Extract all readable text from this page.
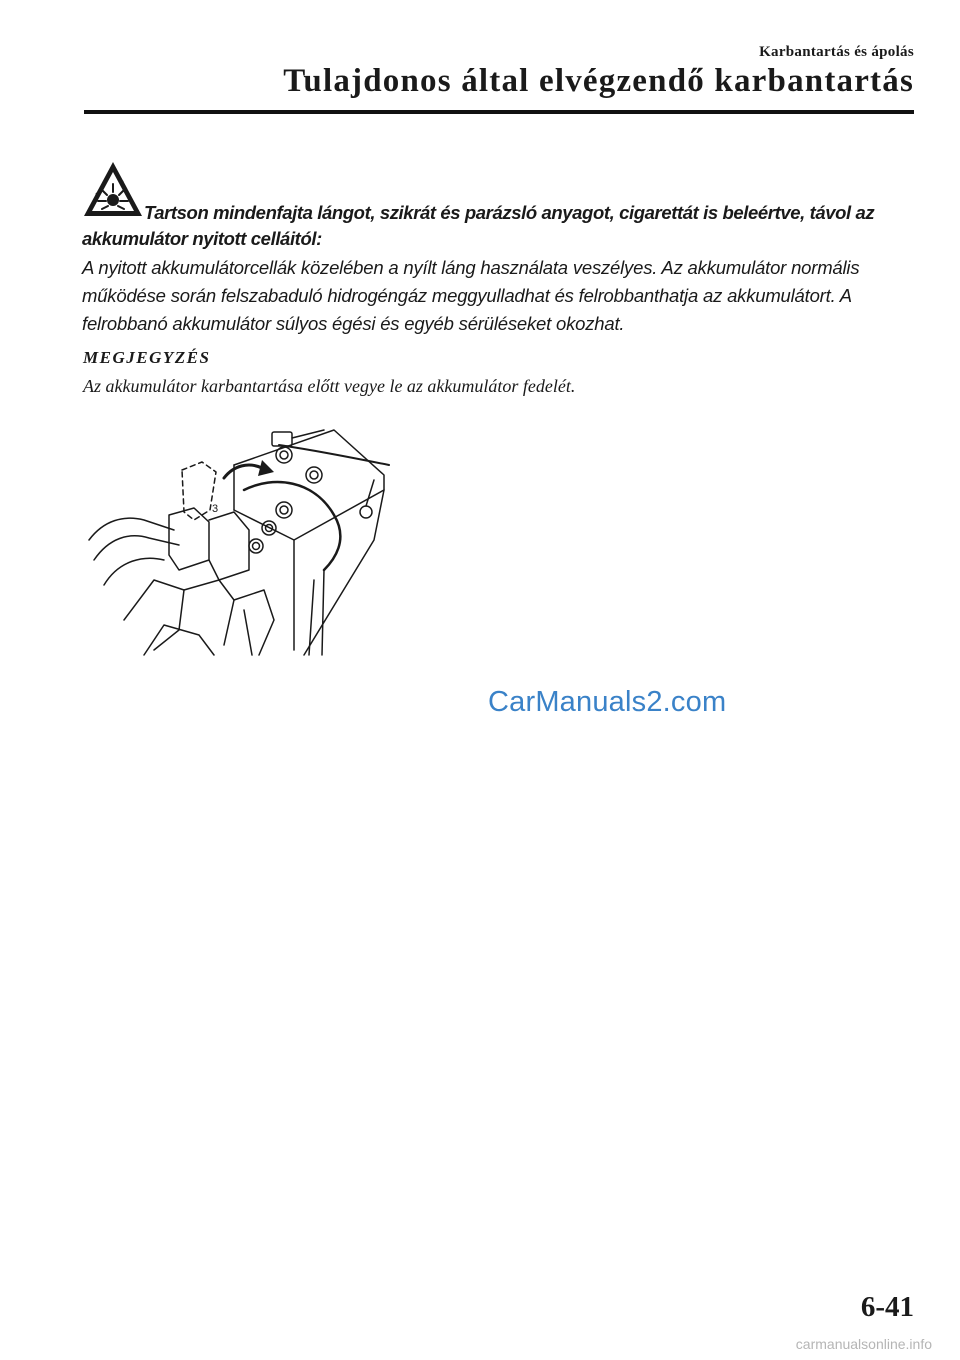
Karbantartás és ápolás
Tulajdonos által elvégzendő karbantartás

Tartson mindenfajta lángot, szikrát és parázsló anyagot, cigarettát is beleértve, távol az akkumulátor nyitott celláitól:

A nyitott akkumulátorcellák közelében a nyílt láng használata veszélyes. Az akkumulátor normális működése során felszabaduló hidrogéngáz meggyulladhat és felrobbanthatja az akkumulátort. A felrobbanó akkumulátor súlyos égési és egyéb sérüléseket okozhat.

MEGJEGYZÉS

Az akkumulátor karbantartása előtt vegye le az akkumulátor fedelét.

3
CarManuals2.com
6-41
carmanualsonline.info
